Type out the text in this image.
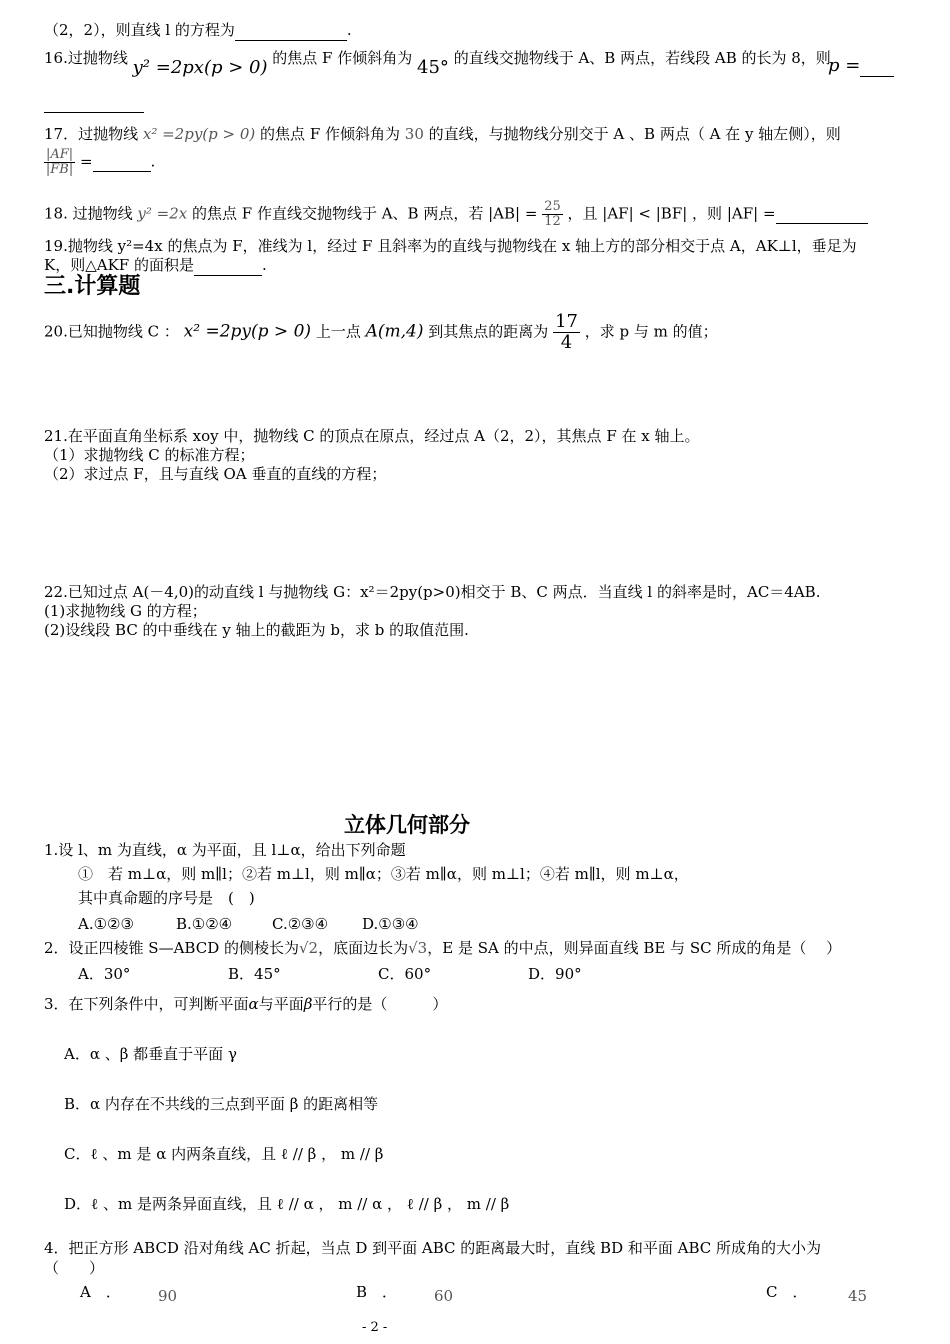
（2，2），则直线 l 的方程为	.
16.过抛物线 y² =2px(p > 0) 的焦点 F 作倾斜角为 45° 的直线交抛物线于 A、B 两点，若线段 AB 的长为 8，则
p =

17．过抛物线 x² =2py(p > 0) 的焦点 F 作倾斜角为 30 的直线，与抛物线分别交于 A 、B 两点（ A 在 y 轴左侧），则
$\frac{|AF|}{|FB|}$ =	.
18. 过抛物线 y² =2x 的焦点 F 作直线交抛物线于 A、B 两点，若 $|AB| = \frac{25}{12}$ ，且 |AF| < |BF| ，则 |AF| =
19.抛物线 y²=4x 的焦点为 F，准线为 l，经过 F 且斜率为的直线与抛物线在 x 轴上方的部分相交于点 A，AK⊥l，垂足为
K，则△AKF 的面积是	.
三.计算题
20.已知抛物线 C ： x² =2py(p > 0) 上一点 A(m,4) 到其焦点的距离为 $\frac{17}{4}$ ，求 p 与 m 的值；
21.在平面直角坐标系 xoy 中，抛物线 C 的顶点在原点，经过点 A（2，2），其焦点 F 在 x 轴上。
（1）求抛物线 C 的标准方程；
（2）求过点 F，且与直线 OA 垂直的直线的方程；
22.已知过点 A(－4,0)的动直线 l 与抛物线 G：x²＝2py(p>0)相交于 B、C 两点．当直线 l 的斜率是时，AC＝4AB.
(1)求抛物线 G 的方程；
(2)设线段 BC 的中垂线在 y 轴上的截距为 b，求 b 的取值范围.
立体几何部分
1.设 l、m 为直线，α 为平面，且 l⊥α，给出下列命题
①　若 m⊥α，则 m∥l；②若 m⊥l，则 m∥α；③若 m∥α，则 m⊥l；④若 m∥l，则 m⊥α，
其中真命题的序号是　(　)
A.①②③	B.①②④	C.②③④ D.①③④
2．设正四棱锥 S—ABCD 的侧棱长为√2，底面边长为√3，E 是 SA 的中点，则异面直线 BE 与 SC 所成的角是（　 ）
A．30°	B．45°	C．60°	D．90°
3．在下列条件中，可判断平面α与平面β平行的是（　　　）
A．α 、β 都垂直于平面 γ
B．α 内存在不共线的三点到平面 β 的距离相等
C．ℓ 、m 是 α 内两条直线，且 ℓ // β ， m // β
D．ℓ 、m 是两条异面直线，且 ℓ // α ， m // α ， ℓ // β ， m // β
4．把正方形 ABCD 沿对角线 AC 折起，当点 D 到平面 ABC 的距离最大时，直线 BD 和平面 ABC 所成角的大小为
（　　）
A　． 90	B　． 60	C　．	45
- 2 -
